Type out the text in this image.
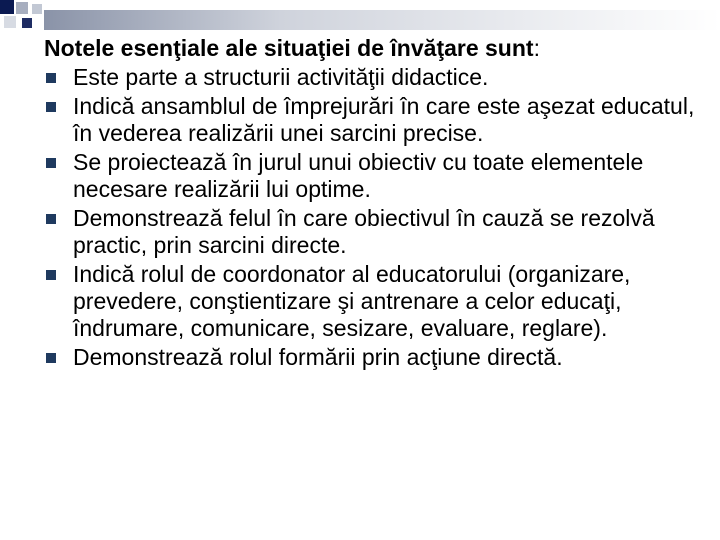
Notele esenţiale ale situaţiei de învăţare sunt:
Este parte a structurii activităţii didactice.
Indică ansamblul de împrejurări în care este aşezat educatul, în vederea realizării unei sarcini precise.
Se proiectează în jurul unui obiectiv cu toate elementele necesare realizării lui optime.
Demonstrează felul în care obiectivul în cauză se rezolvă practic, prin sarcini directe.
Indică rolul de coordonator al educatorului (organizare, prevedere, conştientizare şi antrenare a celor educaţi, îndrumare, comunicare, sesizare, evaluare, reglare).
Demonstrează rolul formării prin acţiune directă.
